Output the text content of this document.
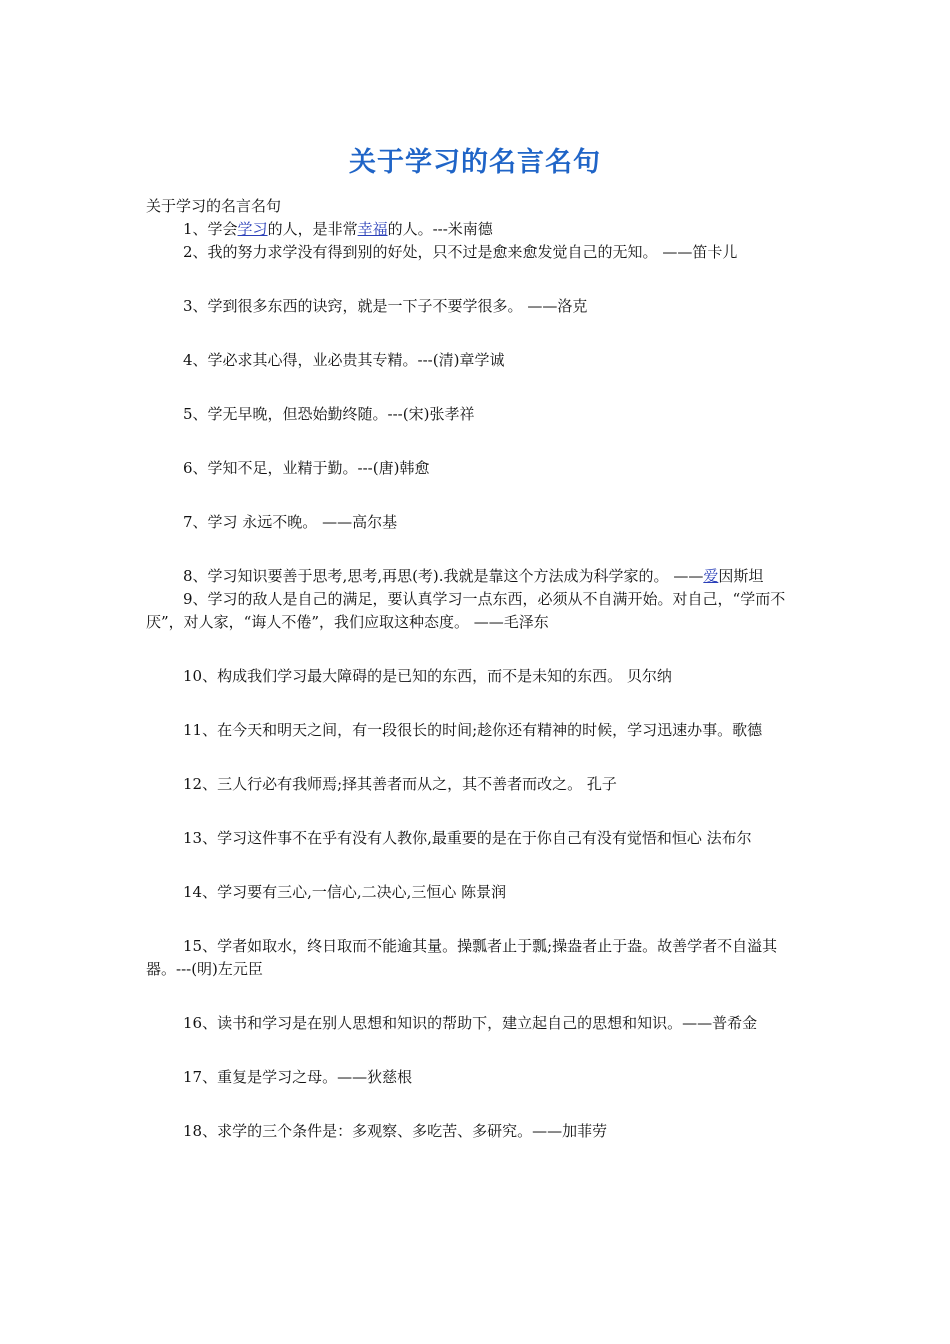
关于学习的名言名句

关于学习的名言名句

1、学会学习的人，是非常幸福的人。---米南德

2、我的努力求学没有得到别的好处，只不过是愈来愈发觉自己的无知。 ——笛卡儿

3、学到很多东西的诀窍，就是一下子不要学很多。 ——洛克

4、学必求其心得，业必贵其专精。---(清)章学诚

5、学无早晚，但恐始勤终随。---(宋)张孝祥

6、学知不足，业精于勤。---(唐)韩愈

7、学习 永远不晚。 ——高尔基

8、学习知识要善于思考,思考,再思(考).我就是靠这个方法成为科学家的。 ——爱因斯坦

9、学习的敌人是自己的满足，要认真学习一点东西，必须从不自满开始。对自己，“学而不厌”，对人家，“诲人不倦”，我们应取这种态度。 ——毛泽东

10、构成我们学习最大障碍的是已知的东西，而不是未知的东西。 贝尔纳

11、在今天和明天之间，有一段很长的时间;趁你还有精神的时候，学习迅速办事。歌德

12、三人行必有我师焉;择其善者而从之，其不善者而改之。 孔子

13、学习这件事不在乎有没有人教你,最重要的是在于你自己有没有觉悟和恒心 法布尔

14、学习要有三心,一信心,二决心,三恒心 陈景润

15、学者如取水，终日取而不能逾其量。操瓢者止于瓢;操盎者止于盎。故善学者不自溢其器。---(明)左元臣

16、读书和学习是在别人思想和知识的帮助下，建立起自己的思想和知识。——普希金

17、重复是学习之母。——狄慈根

18、求学的三个条件是：多观察、多吃苦、多研究。——加菲劳
